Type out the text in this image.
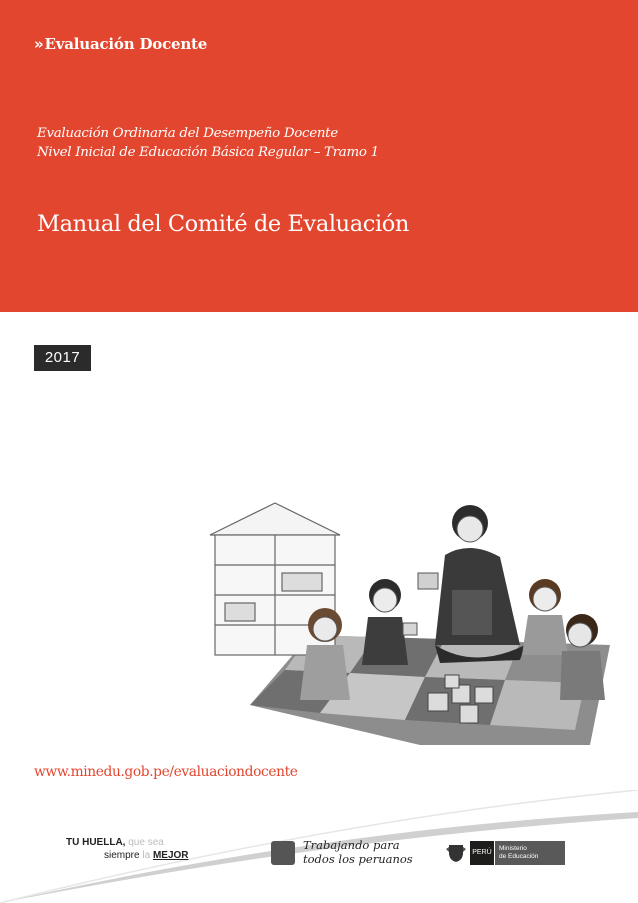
»Evaluación Docente
Evaluación Ordinaria del Desempeño Docente
Nivel Inicial de Educación Básica Regular – Tramo 1
Manual del Comité de Evaluación
2017
www.minedu.gob.pe/evaluaciondocente
TU HUELLA, que sea
siempre la MEJOR
Trabajando para
todos los peruanos	PERÚ
Ministerio
de Educación
